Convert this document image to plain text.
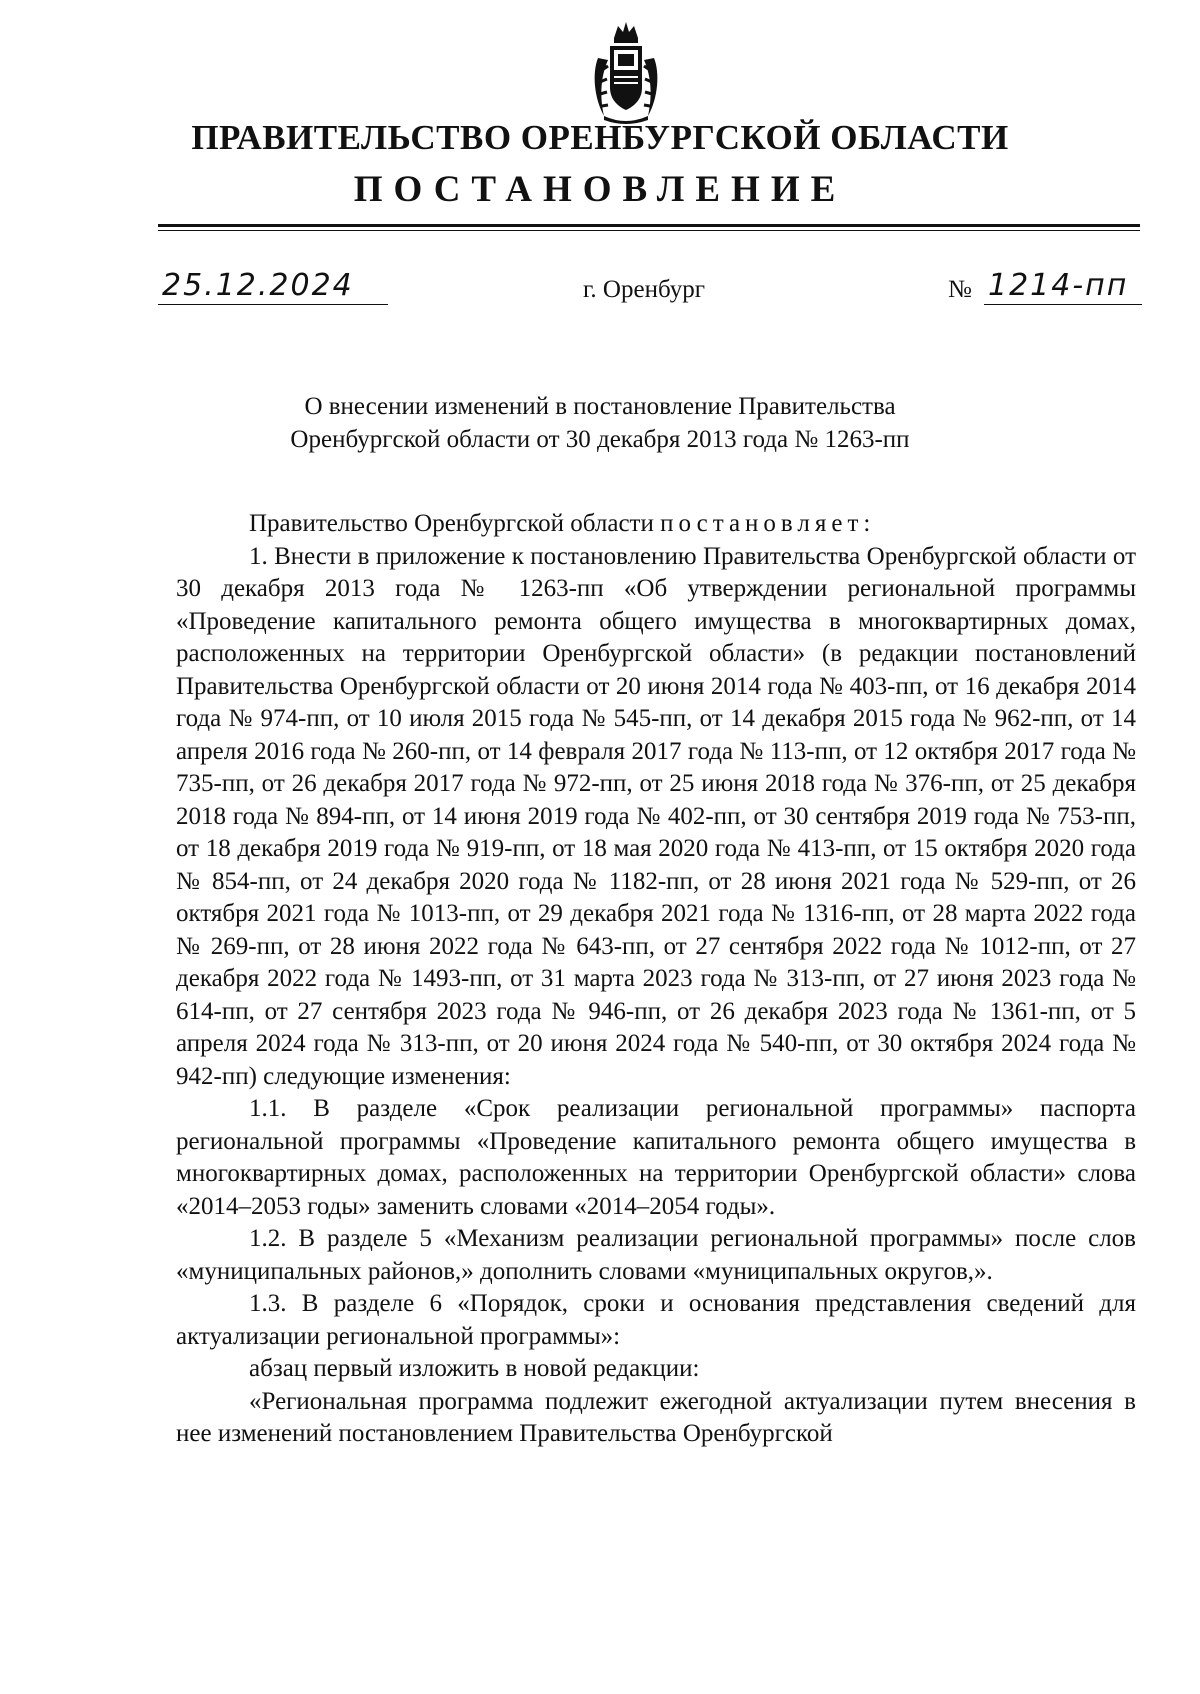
ПРАВИТЕЛЬСТВО ОРЕНБУРГСКОЙ ОБЛАСТИ
ПОСТАНОВЛЕНИЕ
25.12.2024	г. Оренбург	№ 1214-пп
О внесении изменений в постановление Правительства
Оренбургской области от 30 декабря 2013 года № 1263-пп

Правительство Оренбургской области постановляет:

1. Внести в приложение к постановлению Правительства Оренбургской области от 30 декабря 2013 года № 1263-пп «Об утверждении региональной программы «Проведение капитального ремонта общего имущества в многоквартирных домах, расположенных на территории Оренбургской области» (в редакции постановлений Правительства Оренбургской области от 20 июня 2014 года № 403-пп, от 16 декабря 2014 года № 974-пп, от 10 июля 2015 года № 545-пп, от 14 декабря 2015 года № 962-пп, от 14 апреля 2016 года № 260-пп, от 14 февраля 2017 года № 113-пп, от 12 октября 2017 года № 735-пп, от 26 декабря 2017 года № 972-пп, от 25 июня 2018 года № 376-пп, от 25 декабря 2018 года № 894-пп, от 14 июня 2019 года № 402-пп, от 30 сентября 2019 года № 753-пп, от 18 декабря 2019 года № 919-пп, от 18 мая 2020 года № 413-пп, от 15 октября 2020 года № 854-пп, от 24 декабря 2020 года № 1182-пп, от 28 июня 2021 года № 529-пп, от 26 октября 2021 года № 1013-пп, от 29 декабря 2021 года № 1316-пп, от 28 марта 2022 года № 269-пп, от 28 июня 2022 года № 643-пп, от 27 сентября 2022 года № 1012-пп, от 27 декабря 2022 года № 1493-пп, от 31 марта 2023 года № 313-пп, от 27 июня 2023 года № 614-пп, от 27 сентября 2023 года № 946-пп, от 26 декабря 2023 года № 1361-пп, от 5 апреля 2024 года № 313-пп, от 20 июня 2024 года № 540-пп, от 30 октября 2024 года № 942-пп) следующие изменения:

1.1. В разделе «Срок реализации региональной программы» паспорта региональной программы «Проведение капитального ремонта общего имущества в многоквартирных домах, расположенных на территории Оренбургской области» слова «2014–2053 годы» заменить словами «2014–2054 годы».

1.2. В разделе 5 «Механизм реализации региональной программы» после слов «муниципальных районов,» дополнить словами «муниципальных округов,».

1.3. В разделе 6 «Порядок, сроки и основания представления сведений для актуализации региональной программы»:

абзац первый изложить в новой редакции:

«Региональная программа подлежит ежегодной актуализации путем внесения в нее изменений постановлением Правительства Оренбургской
